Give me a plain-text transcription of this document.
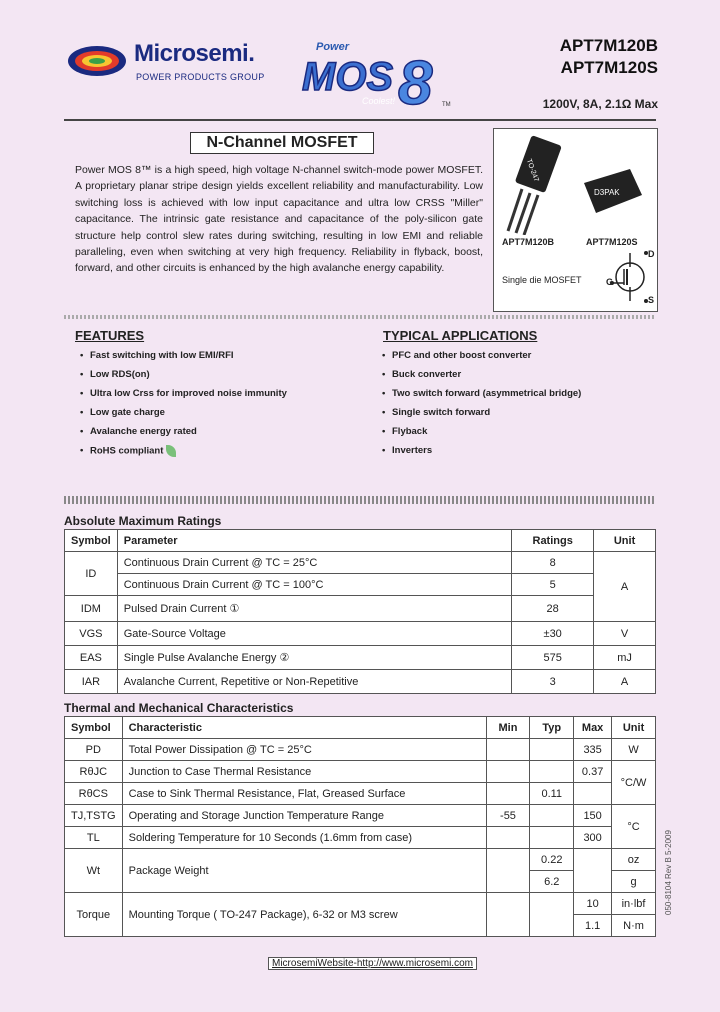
Microsemi.
POWER PRODUCTS GROUP
Power
MOS 8
Coolest!	TM
APT7M120B
APT7M120S
1200V, 8A, 2.1Ω Max
N-Channel MOSFET
Power MOS 8™ is a high speed, high voltage N-channel switch-mode power MOSFET. A proprietary planar stripe design yields excellent reliability and manufacturability. Low switching loss is achieved with low input capacitance and ultra low CRSS "Miller" capacitance. The intrinsic gate resistance and capacitance of the poly-silicon gate structure help control slew rates during switching, resulting in low EMI and reliable paralleling, even when switching at very high frequency. Reliability in flyback, boost, forward, and other circuits is enhanced by the high avalanche energy capability.
TO-247
D3PAK
APT7M120B	APT7M120S
Single die MOSFET
D
G
S
FEATURES
• Fast switching with low EMI/RFI
• Low RDS(on)
• Ultra low Crss for improved noise immunity
• Low gate charge
• Avalanche energy rated
• RoHS compliant
TYPICAL APPLICATIONS
• PFC and other boost converter
• Buck converter
• Two switch forward (asymmetrical bridge)
• Single switch forward
• Flyback
• Inverters
Absolute Maximum Ratings
Symbol	Parameter	Ratings	Unit
ID	Continuous Drain Current @ TC = 25°C	8	A
	Continuous Drain Current @ TC = 100°C	5	
IDM	Pulsed Drain Current ①	28	
VGS	Gate-Source Voltage	±30	V
EAS	Single Pulse Avalanche Energy ②	575	mJ
IAR	Avalanche Current, Repetitive or Non-Repetitive	3	A
Thermal and Mechanical Characteristics
Symbol	Characteristic	Min	Typ	Max	Unit
PD	Total Power Dissipation @ TC = 25°C			335	W
RθJC	Junction to Case Thermal Resistance			0.37	°C/W
RθCS	Case to Sink Thermal Resistance, Flat, Greased Surface		0.11		
TJ,TSTG	Operating and Storage Junction Temperature Range	-55		150	°C
TL	Soldering Temperature for 10 Seconds (1.6mm from case)			300	
Wt	Package Weight		0.22		oz
			6.2		g
Torque	Mounting Torque ( TO-247 Package), 6-32 or M3 screw			10	in·lbf
				1.1	N·m
050-8104 Rev B 5-2009
MicrosemiWebsite-http://www.microsemi.com
